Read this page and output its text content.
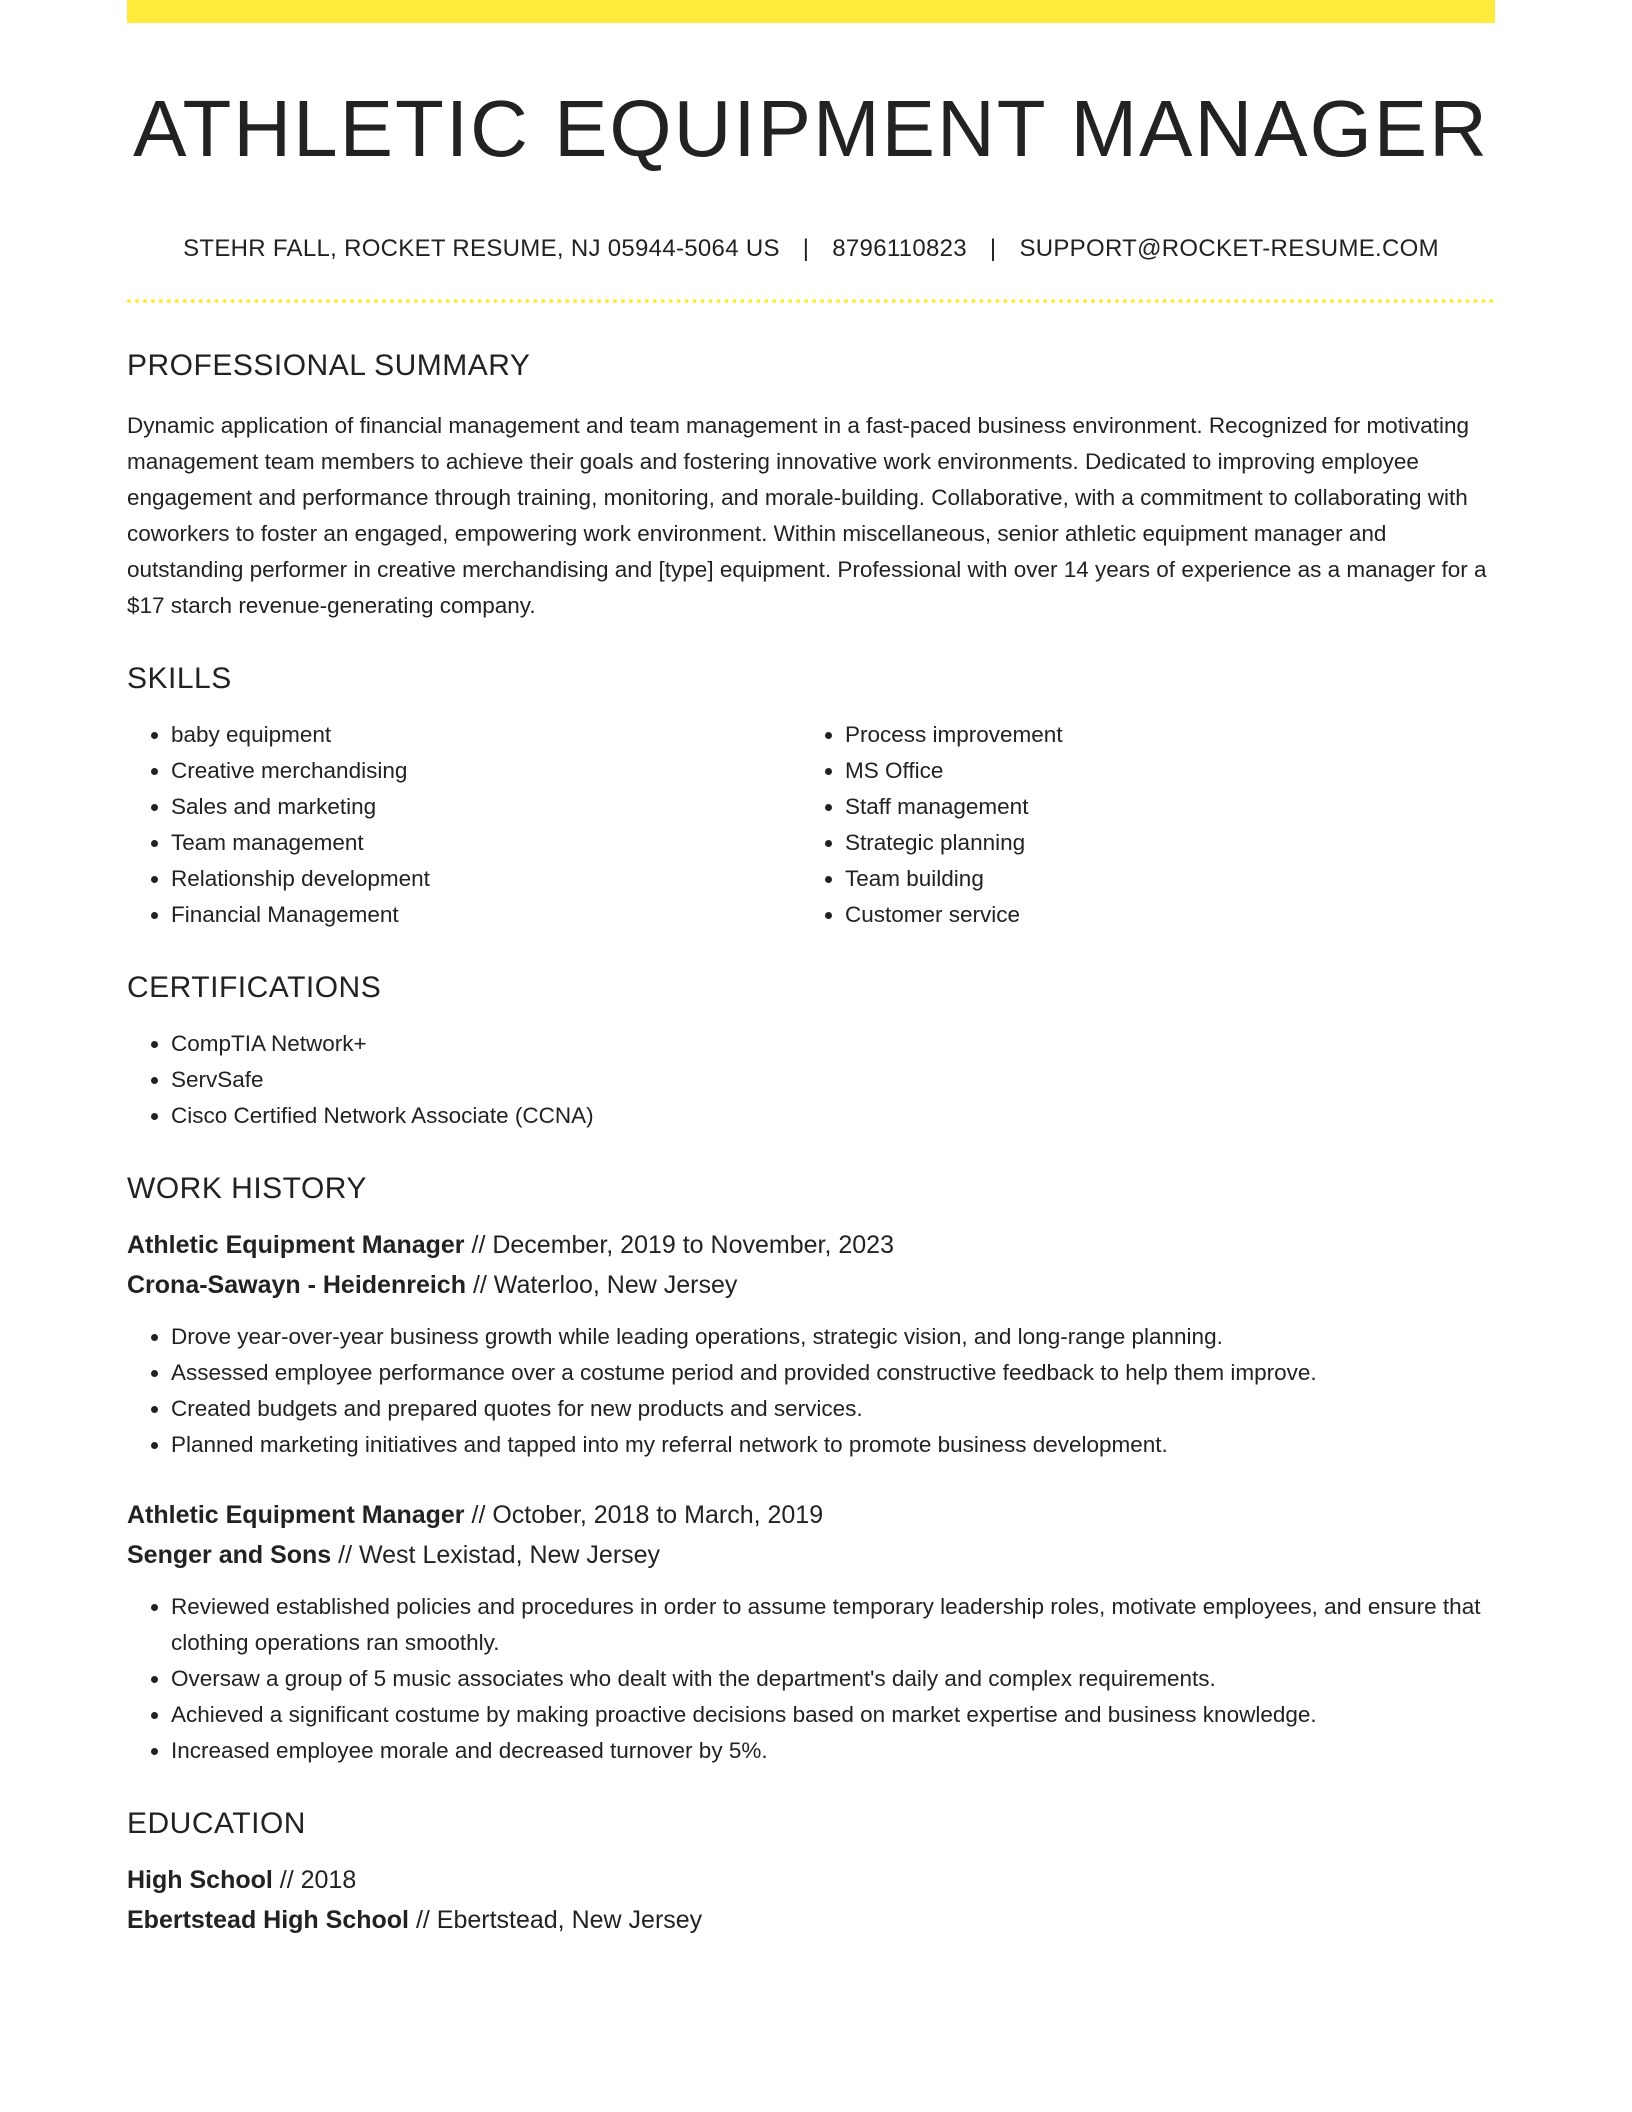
ATHLETIC EQUIPMENT MANAGER
STEHR FALL, ROCKET RESUME, NJ 05944-5064 US | 8796110823 | SUPPORT@ROCKET-RESUME.COM
PROFESSIONAL SUMMARY
Dynamic application of financial management and team management in a fast-paced business environment. Recognized for motivating management team members to achieve their goals and fostering innovative work environments. Dedicated to improving employee engagement and performance through training, monitoring, and morale-building. Collaborative, with a commitment to collaborating with coworkers to foster an engaged, empowering work environment. Within miscellaneous, senior athletic equipment manager and outstanding performer in creative merchandising and [type] equipment. Professional with over 14 years of experience as a manager for a $17 starch revenue-generating company.
SKILLS
• baby equipment
• Creative merchandising
• Sales and marketing
• Team management
• Relationship development
• Financial Management
• Process improvement
• MS Office
• Staff management
• Strategic planning
• Team building
• Customer service
CERTIFICATIONS
• CompTIA Network+
• ServSafe
• Cisco Certified Network Associate (CCNA)
WORK HISTORY
Athletic Equipment Manager // December, 2019 to November, 2023
Crona-Sawayn - Heidenreich // Waterloo, New Jersey
• Drove year-over-year business growth while leading operations, strategic vision, and long-range planning.
• Assessed employee performance over a costume period and provided constructive feedback to help them improve.
• Created budgets and prepared quotes for new products and services.
• Planned marketing initiatives and tapped into my referral network to promote business development.
Athletic Equipment Manager // October, 2018 to March, 2019
Senger and Sons // West Lexistad, New Jersey
• Reviewed established policies and procedures in order to assume temporary leadership roles, motivate employees, and ensure that clothing operations ran smoothly.
• Oversaw a group of 5 music associates who dealt with the department's daily and complex requirements.
• Achieved a significant costume by making proactive decisions based on market expertise and business knowledge.
• Increased employee morale and decreased turnover by 5%.
EDUCATION
High School // 2018
Ebertstead High School // Ebertstead, New Jersey
